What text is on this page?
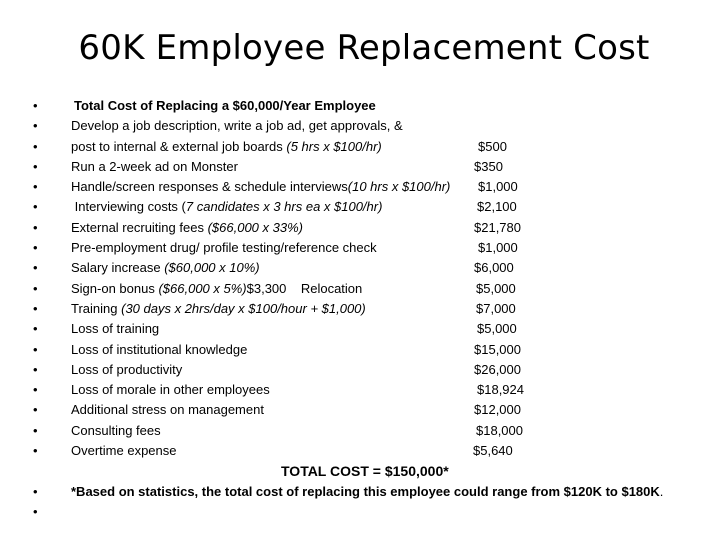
60K Employee Replacement Cost
•	Total Cost of Replacing a $60,000/Year Employee
•	Develop a job description, write a job ad, get approvals, &
•	post to internal & external job boards (5 hrs x $100/hr)	$500
•	Run a 2-week ad on Monster	$350
•	Handle/screen responses & schedule interviews(10 hrs x $100/hr) $1,000
•	Interviewing costs (7 candidates x 3 hrs ea x $100/hr)	$2,100
•	External recruiting fees ($66,000 x 33%)	$21,780
•	Pre-employment drug/ profile testing/reference check	$1,000
•	Salary increase ($60,000 x 10%)	$6,000
•	Sign-on bonus ($66,000 x 5%)$3,300    Relocation	$5,000
•	Training (30 days x 2hrs/day x $100/hour + $1,000)	$7,000
•	Loss of training	$5,000
•	Loss of institutional knowledge	$15,000
•	Loss of productivity	$26,000
•	Loss of morale in other employees	$18,924
•	Additional stress on management	$12,000
•	Consulting fees	$18,000
•	Overtime expense	$5,640
TOTAL COST = $150,000*
•	*Based on statistics, the total cost of replacing this employee could range from $120K to $180K.
•
